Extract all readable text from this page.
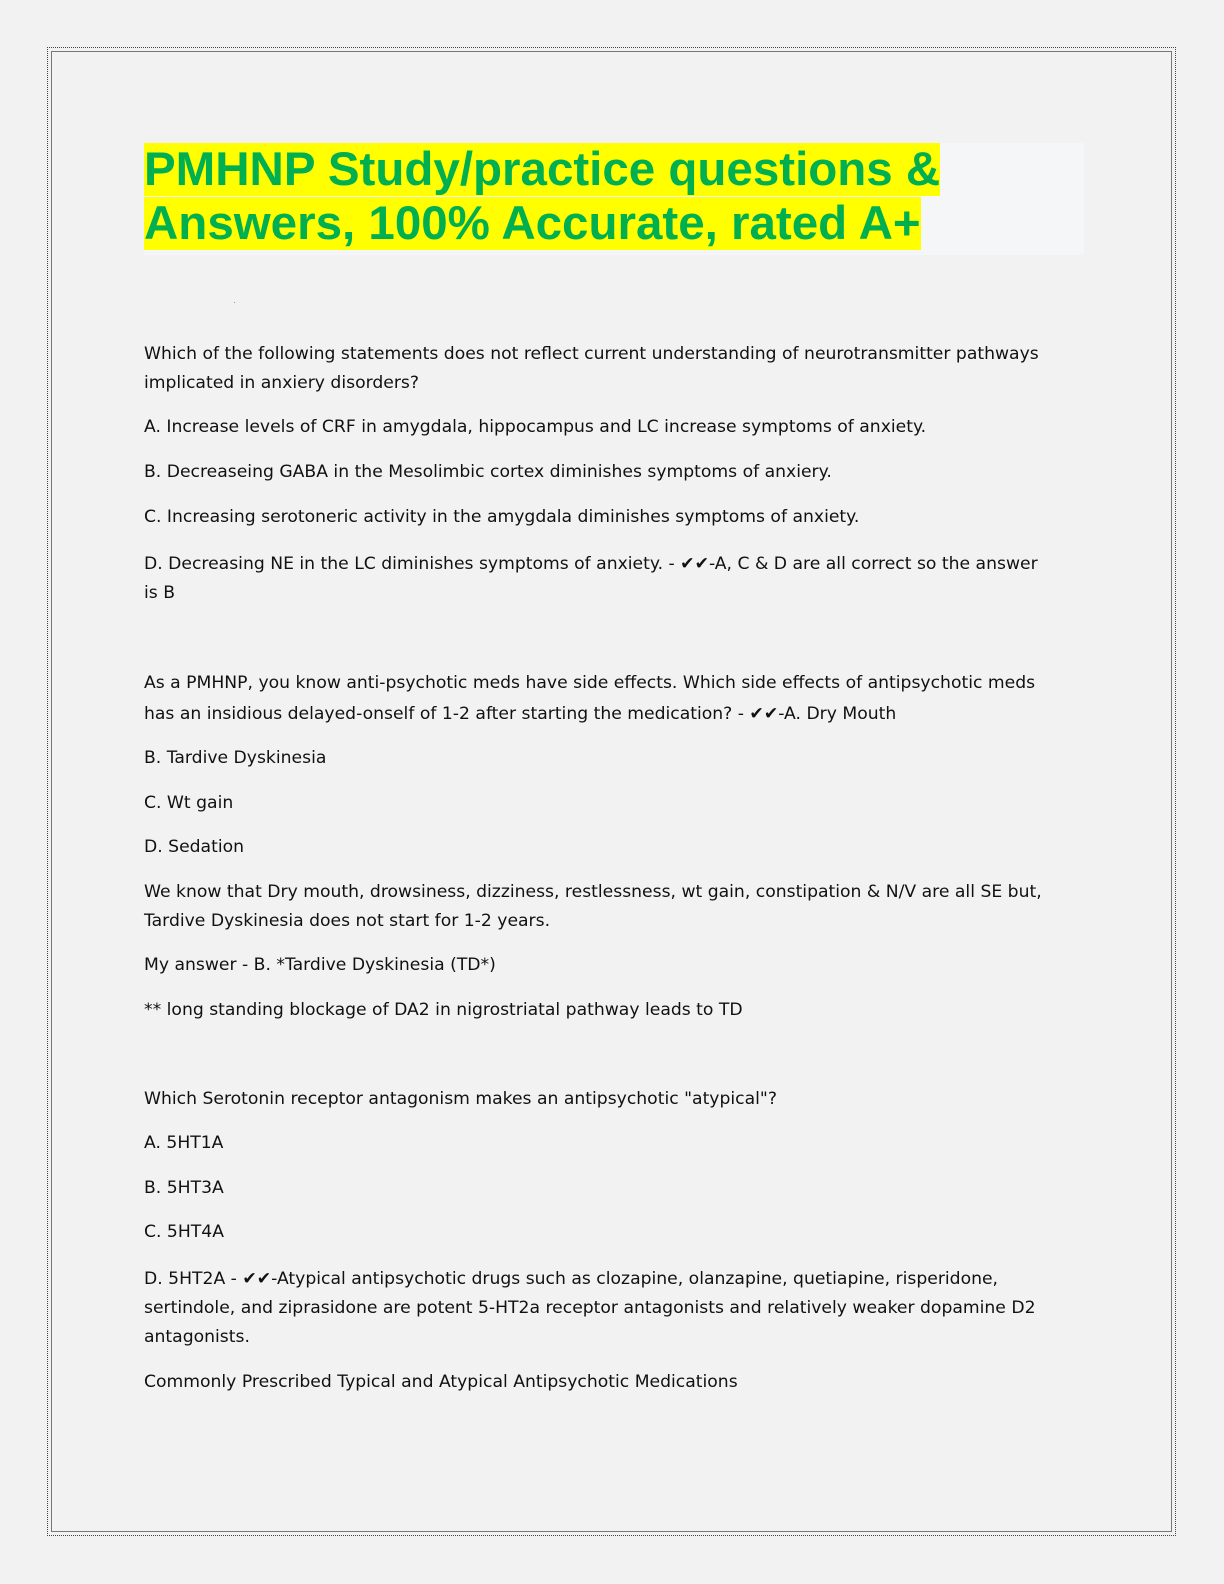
PMHNP Study/practice questions &
Answers, 100% Accurate, rated A+

Which of the following statements does not reflect current understanding of neurotransmitter pathways

implicated in anxiery disorders?

A. Increase levels of CRF in amygdala, hippocampus and LC increase symptoms of anxiety.

B. Decreaseing GABA in the Mesolimbic cortex diminishes symptoms of anxiery.

C. Increasing serotoneric activity in the amygdala diminishes symptoms of anxiety.

D. Decreasing NE in the LC diminishes symptoms of anxiety. - ✔✔-A, C & D are all correct so the answer

is B

As a PMHNP, you know anti-psychotic meds have side effects. Which side effects of antipsychotic meds

has an insidious delayed-onself of 1-2 after starting the medication? - ✔✔-A. Dry Mouth

B. Tardive Dyskinesia

C. Wt gain

D. Sedation

We know that Dry mouth, drowsiness, dizziness, restlessness, wt gain, constipation & N/V are all SE but,

Tardive Dyskinesia does not start for 1-2 years.

My answer - B. *Tardive Dyskinesia (TD*)

** long standing blockage of DA2 in nigrostriatal pathway leads to TD

Which Serotonin receptor antagonism makes an antipsychotic "atypical"?

A. 5HT1A

B. 5HT3A

C. 5HT4A

D. 5HT2A - ✔✔-Atypical antipsychotic drugs such as clozapine, olanzapine, quetiapine, risperidone,

sertindole, and ziprasidone are potent 5-HT2a receptor antagonists and relatively weaker dopamine D2

antagonists.

Commonly Prescribed Typical and Atypical Antipsychotic Medications
